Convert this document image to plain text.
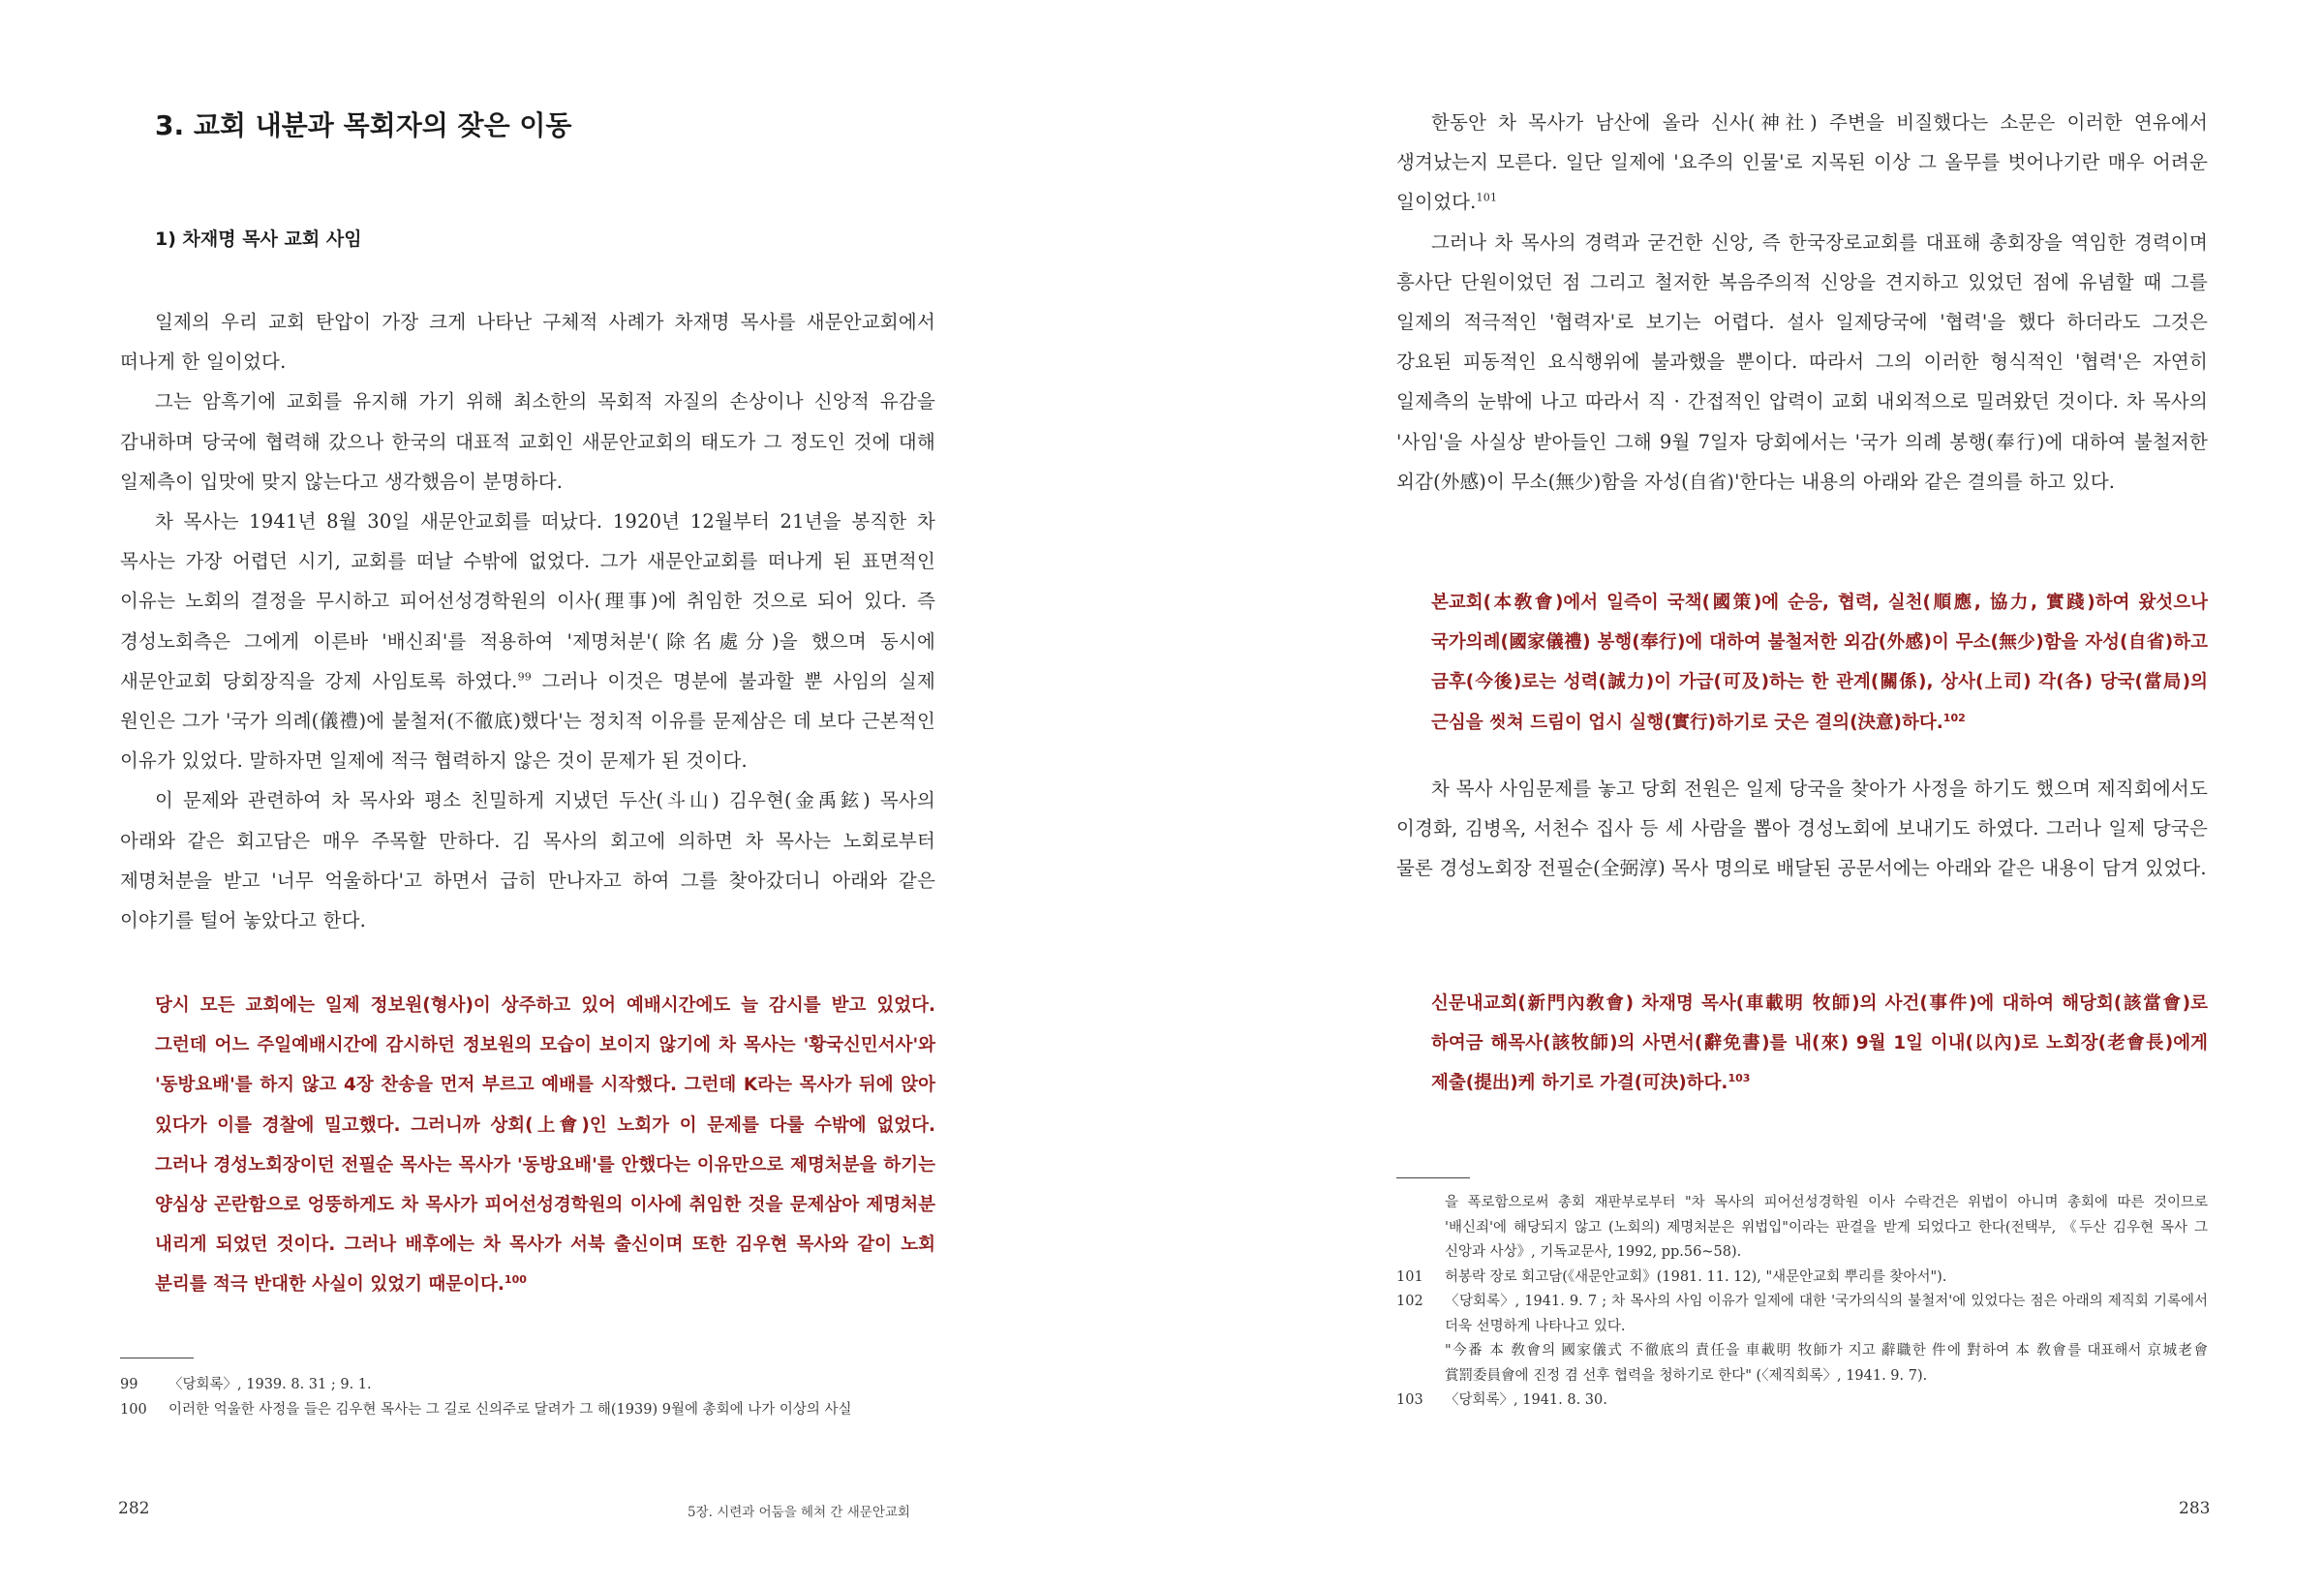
3. 교회 내분과 목회자의 잦은 이동
1) 차재명 목사 교회 사임

일제의 우리 교회 탄압이 가장 크게 나타난 구체적 사례가 차재명 목사를 새문안교회에서 떠나게 한 일이었다.

그는 암흑기에 교회를 유지해 가기 위해 최소한의 목회적 자질의 손상이나 신앙적 유감을 감내하며 당국에 협력해 갔으나 한국의 대표적 교회인 새문안교회의 태도가 그 정도인 것에 대해 일제측이 입맛에 맞지 않는다고 생각했음이 분명하다.

차 목사는 1941년 8월 30일 새문안교회를 떠났다. 1920년 12월부터 21년을 봉직한 차 목사는 가장 어렵던 시기, 교회를 떠날 수밖에 없었다. 그가 새문안교회를 떠나게 된 표면적인 이유는 노회의 결정을 무시하고 피어선성경학원의 이사(理事)에 취임한 것으로 되어 있다. 즉 경성노회측은 그에게 이른바 '배신죄'를 적용하여 '제명처분'(除名處分)을 했으며 동시에 새문안교회 당회장직을 강제 사임토록 하였다.$^{99}$ 그러나 이것은 명분에 불과할 뿐 사임의 실제 원인은 그가 '국가 의례(儀禮)에 불철저(不徹底)했다'는 정치적 이유를 문제삼은 데 보다 근본적인 이유가 있었다. 말하자면 일제에 적극 협력하지 않은 것이 문제가 된 것이다.

이 문제와 관련하여 차 목사와 평소 친밀하게 지냈던 두산(斗山) 김우현(金禹鉉) 목사의 아래와 같은 회고담은 매우 주목할 만하다. 김 목사의 회고에 의하면 차 목사는 노회로부터 제명처분을 받고 '너무 억울하다'고 하면서 급히 만나자고 하여 그를 찾아갔더니 아래와 같은 이야기를 털어 놓았다고 한다.

당시 모든 교회에는 일제 정보원(형사)이 상주하고 있어 예배시간에도 늘 감시를 받고 있었다. 그런데 어느 주일예배시간에 감시하던 정보원의 모습이 보이지 않기에 차 목사는 '황국신민서사'와 '동방요배'를 하지 않고 4장 찬송을 먼저 부르고 예배를 시작했다. 그런데 K라는 목사가 뒤에 앉아 있다가 이를 경찰에 밀고했다. 그러니까 상회(上會)인 노회가 이 문제를 다룰 수밖에 없었다. 그러나 경성노회장이던 전필순 목사는 목사가 '동방요배'를 안했다는 이유만으로 제명처분을 하기는 양심상 곤란함으로 엉뚱하게도 차 목사가 피어선성경학원의 이사에 취임한 것을 문제삼아 제명처분 내리게 되었던 것이다. 그러나 배후에는 차 목사가 서북 출신이며 또한 김우현 목사와 같이 노회 분리를 적극 반대한 사실이 있었기 때문이다.$^{100}$

99	〈당회록〉, 1939. 8. 31 ; 9. 1.
100	이러한 억울한 사정을 들은 김우현 목사는 그 길로 신의주로 달려가 그 해(1939) 9월에 총회에 나가 이상의 사실
282	5장. 시련과 어둠을 헤쳐 간 새문안교회

한동안 차 목사가 남산에 올라 신사(神社) 주변을 비질했다는 소문은 이러한 연유에서 생겨났는지 모른다. 일단 일제에 '요주의 인물'로 지목된 이상 그 올무를 벗어나기란 매우 어려운 일이었다.$^{101}$

그러나 차 목사의 경력과 굳건한 신앙, 즉 한국장로교회를 대표해 총회장을 역임한 경력이며 흥사단 단원이었던 점 그리고 철저한 복음주의적 신앙을 견지하고 있었던 점에 유념할 때 그를 일제의 적극적인 '협력자'로 보기는 어렵다. 설사 일제당국에 '협력'을 했다 하더라도 그것은 강요된 피동적인 요식행위에 불과했을 뿐이다. 따라서 그의 이러한 형식적인 '협력'은 자연히 일제측의 눈밖에 나고 따라서 직 · 간접적인 압력이 교회 내외적으로 밀려왔던 것이다. 차 목사의 '사임'을 사실상 받아들인 그해 9월 7일자 당회에서는 '국가 의례 봉행(奉行)에 대하여 불철저한 외감(外感)이 무소(無少)함을 자성(自省)'한다는 내용의 아래와 같은 결의를 하고 있다.

본교회(本敎會)에서 일즉이 국책(國策)에 순응, 협력, 실천(順應, 協力, 實踐)하여 왔섯으나 국가의례(國家儀禮) 봉행(奉行)에 대하여 불철저한 외감(外感)이 무소(無少)함을 자성(自省)하고 금후(今後)로는 성력(誠力)이 가급(可及)하는 한 관계(關係), 상사(上司) 각(各) 당국(當局)의 근심을 씻쳐 드림이 업시 실행(實行)하기로 굿은 결의(決意)하다.$^{102}$

차 목사 사임문제를 놓고 당회 전원은 일제 당국을 찾아가 사정을 하기도 했으며 제직회에서도 이경화, 김병옥, 서천수 집사 등 세 사람을 뽑아 경성노회에 보내기도 하였다. 그러나 일제 당국은 물론 경성노회장 전필순(全弼淳) 목사 명의로 배달된 공문서에는 아래와 같은 내용이 담겨 있었다.

신문내교회(新門內敎會) 차재명 목사(車載明 牧師)의 사건(事件)에 대하여 해당회(該當會)로 하여금 해목사(該牧師)의 사면서(辭免書)를 내(來) 9월 1일 이내(以內)로 노회장(老會長)에게 제출(提出)케 하기로 가결(可決)하다.$^{103}$

을 폭로함으로써 총회 재판부로부터 "차 목사의 피어선성경학원 이사 수락건은 위법이 아니며 총회에 따른 것이므로 '배신죄'에 해당되지 않고 (노회의) 제명처분은 위법입"이라는 판결을 받게 되었다고 한다(전택부, 《두산 김우현 목사 그 신앙과 사상》, 기독교문사, 1992, pp.56~58).
101	허봉락 장로 회고담(《새문안교회》(1981. 11. 12), "새문안교회 뿌리를 찾아서").
102	〈당회록〉, 1941. 9. 7 ; 차 목사의 사임 이유가 일제에 대한 '국가의식의 불철저'에 있었다는 점은 아래의 제직회 기록에서 더욱 선명하게 나타나고 있다.
"今番 本 敎會의 國家儀式 不徹底의 責任을 車載明 牧師가 지고 辭職한 件에 對하여 本 敎會를 대표해서 京城老會 賞罰委員會에 진정 겸 선후 협력을 청하기로 한다" (〈제직회록〉, 1941. 9. 7).
103	〈당회록〉, 1941. 8. 30.
283
